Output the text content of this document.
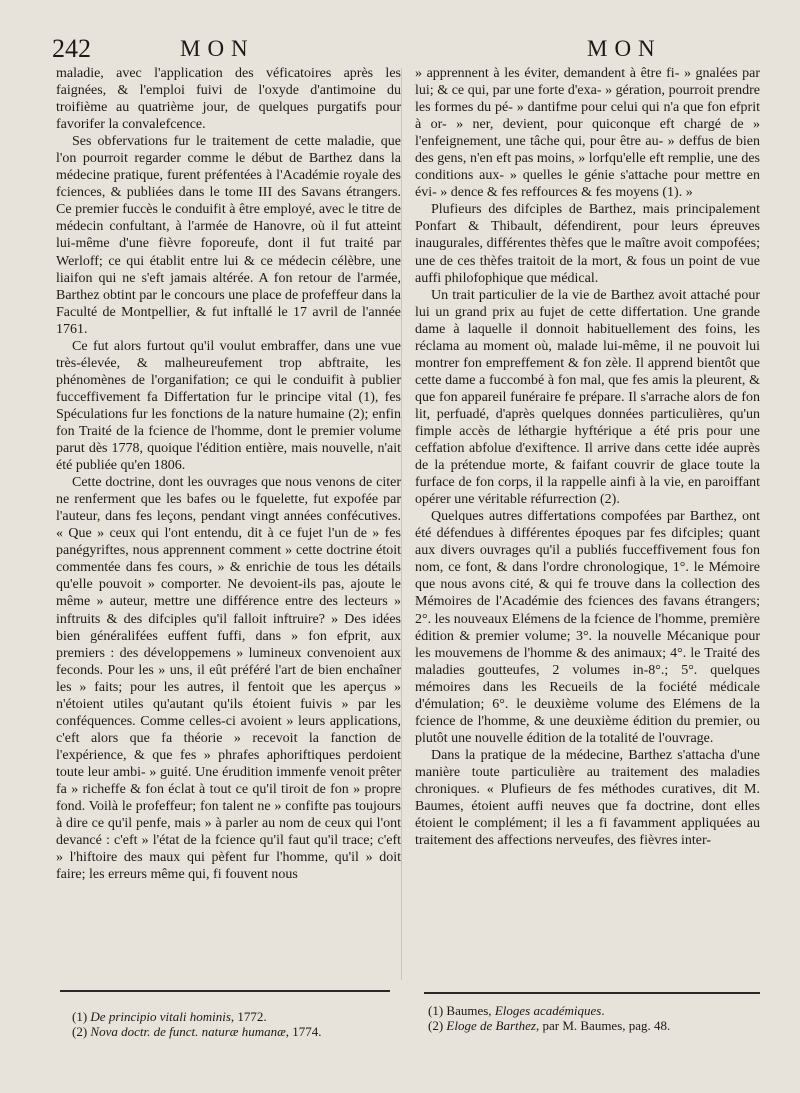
242	MON	MON

maladie, avec l'application des véficatoires après les faignées, & l'emploi fuivi de l'oxyde d'antimoine du troifième au quatrième jour, de quelques purgatifs pour favorifer la convalefcence.

Ses obfervations fur le traitement de cette maladie, que l'on pourroit regarder comme le début de Barthez dans la médecine pratique, furent préfentées à l'Académie royale des fciences, & publiées dans le tome III des Savans étrangers. Ce premier fuccès le conduifit à être employé, avec le titre de médecin confultant, à l'armée de Hanovre, où il fut atteint lui-même d'une fièvre foporeufe, dont il fut traité par Werloff; ce qui établit entre lui & ce médecin célèbre, une liaifon qui ne s'eft jamais altérée. A fon retour de l'armée, Barthez obtint par le concours une place de profeffeur dans la Faculté de Montpellier, & fut inftallé le 17 avril de l'année 1761.

Ce fut alors furtout qu'il voulut embraffer, dans une vue très-élevée, & malheureufement trop abftraite, les phénomènes de l'organifation; ce qui le conduifit à publier fucceffivement fa Differtation fur le principe vital (1), fes Spéculations fur les fonctions de la nature humaine (2); enfin fon Traité de la fcience de l'homme, dont le premier volume parut dès 1778, quoique l'édition entière, mais nouvelle, n'ait été publiée qu'en 1806.

Cette doctrine, dont les ouvrages que nous venons de citer ne renferment que les bafes ou le fquelette, fut expofée par l'auteur, dans fes leçons, pendant vingt années confécutives. « Que » ceux qui l'ont entendu, dit à ce fujet l'un de » fes panégyriftes, nous apprennent comment » cette doctrine étoit commentée dans fes cours, » & enrichie de tous les détails qu'elle pouvoit » comporter. Ne devoient-ils pas, ajoute le même » auteur, mettre une différence entre des lecteurs » inftruits & des difciples qu'il falloit inftruire? » Des idées bien généralifées euffent fuffi, dans » fon efprit, aux premiers : des développemens » lumineux convenoient aux feconds. Pour les » uns, il eût préféré l'art de bien enchaîner les » faits; pour les autres, il fentoit que les aperçus » n'étoient utiles qu'autant qu'ils étoient fuivis » par les conféquences. Comme celles-ci avoient » leurs applications, c'eft alors que fa théorie » recevoit la fanction de l'expérience, & que fes » phrafes aphoriftiques perdoient toute leur ambi- » guité. Une érudition immenfe venoit prêter fa » richeffe & fon éclat à tout ce qu'il tiroit de fon » propre fond. Voilà le profeffeur; fon talent ne » confifte pas toujours à dire ce qu'il penfe, mais » à parler au nom de ceux qui l'ont devancé : c'eft » l'état de la fcience qu'il faut qu'il trace; c'eft » l'hiftoire des maux qui pèfent fur l'homme, qu'il » doit faire; les erreurs même qui, fi fouvent nous

» apprennent à les éviter, demandent à être fi- » gnalées par lui; & ce qui, par une forte d'exa- » gération, pourroit prendre les formes du pé- » dantifme pour celui qui n'a que fon efprit à or- » ner, devient, pour quiconque eft chargé de » l'enfeignement, une tâche qui, pour être au- » deffus de bien des gens, n'en eft pas moins, » lorfqu'elle eft remplie, une des conditions aux- » quelles le génie s'attache pour mettre en évi- » dence & fes reffources & fes moyens (1). »

Plufieurs des difciples de Barthez, mais principalement Ponfart & Thibault, défendirent, pour leurs épreuves inaugurales, différentes thèfes que le maître avoit compofées; une de ces thèfes traitoit de la mort, & fous un point de vue auffi philofophique que médical.

Un trait particulier de la vie de Barthez avoit attaché pour lui un grand prix au fujet de cette differtation. Une grande dame à laquelle il donnoit habituellement des foins, les réclama au moment où, malade lui-même, il ne pouvoit lui montrer fon empreffement & fon zèle. Il apprend bientôt que cette dame a fuccombé à fon mal, que fes amis la pleurent, & que fon appareil funéraire fe prépare. Il s'arrache alors de fon lit, perfuadé, d'après quelques données particulières, qu'un fimple accès de léthargie hyftérique a été pris pour une ceffation abfolue d'exiftence. Il arrive dans cette idée auprès de la prétendue morte, & faifant couvrir de glace toute la furface de fon corps, il la rappelle ainfi à la vie, en paroiffant opérer une véritable réfurrection (2).

Quelques autres differtations compofées par Barthez, ont été défendues à différentes époques par fes difciples; quant aux divers ouvrages qu'il a publiés fucceffivement fous fon nom, ce font, & dans l'ordre chronologique, 1°. le Mémoire que nous avons cité, & qui fe trouve dans la collection des Mémoires de l'Académie des fciences des favans étrangers; 2°. les nouveaux Elémens de la fcience de l'homme, première édition & premier volume; 3°. la nouvelle Mécanique pour les mouvemens de l'homme & des animaux; 4°. le Traité des maladies goutteufes, 2 volumes in-8°.; 5°. quelques mémoires dans les Recueils de la fociété médicale d'émulation; 6°. le deuxième volume des Elémens de la fcience de l'homme, & une deuxième édition du premier, ou plutôt une nouvelle édition de la totalité de l'ouvrage.

Dans la pratique de la médecine, Barthez s'attacha d'une manière toute particulière au traitement des maladies chroniques. « Plufieurs de fes méthodes curatives, dit M. Baumes, étoient auffi neuves que fa doctrine, dont elles étoient le complément; il les a fi favamment appliquées au traitement des affections nerveufes, des fièvres inter-

(1) De principio vitali hominis, 1772.
(2) Nova doctr. de funct. naturæ humanæ, 1774.
(1) Baumes, Eloges académiques.
(2) Eloge de Barthez, par M. Baumes, pag. 48.
